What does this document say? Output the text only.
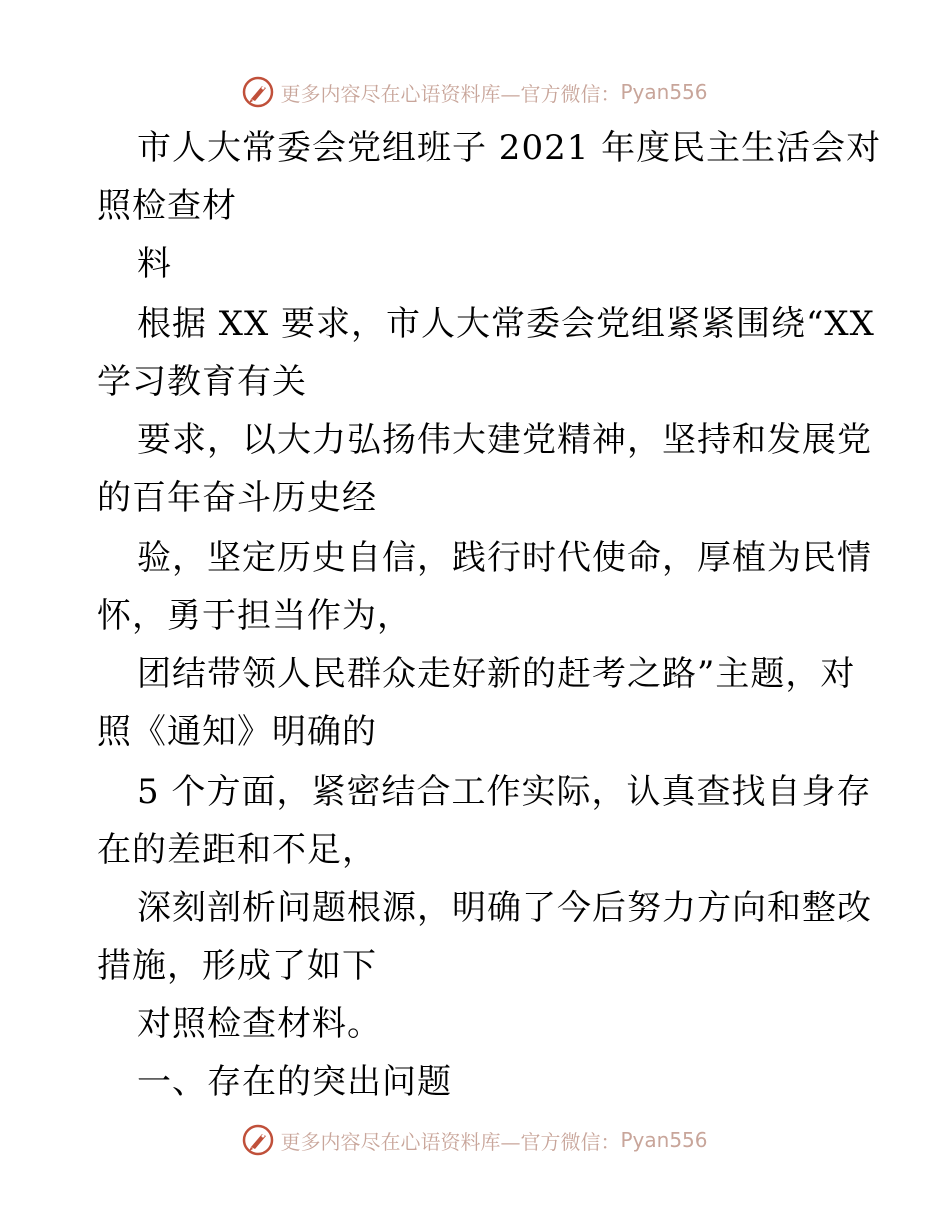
更多内容尽在心语资料库—官方微信： Pyan556
市人大常委会党组班子 2021 年度民主生活会对
照检查材
料
根据 XX 要求，市人大常委会党组紧紧围绕“XX
学习教育有关
要求，以大力弘扬伟大建党精神，坚持和发展党
的百年奋斗历史经
验，坚定历史自信，践行时代使命，厚植为民情
怀，勇于担当作为，
团结带领人民群众走好新的赶考之路”主题，对
照《通知》明确的
5 个方面，紧密结合工作实际，认真查找自身存
在的差距和不足，
深刻剖析问题根源，明确了今后努力方向和整改
措施，形成了如下
对照检查材料。
一、存在的突出问题
更多内容尽在心语资料库—官方微信： Pyan556
